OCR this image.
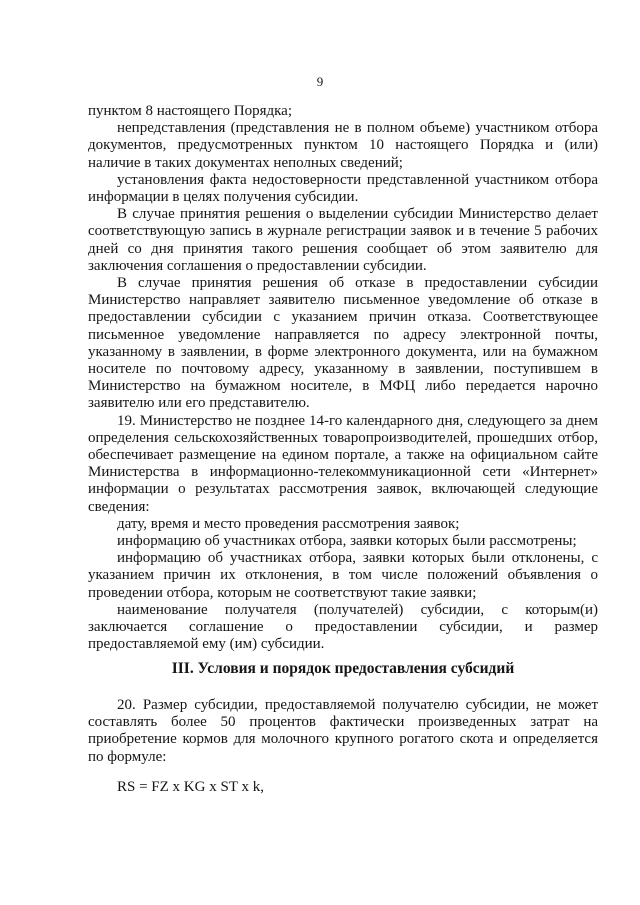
9

пунктом 8 настоящего Порядка;

непредставления (представления не в полном объеме) участником отбора документов, предусмотренных пунктом 10 настоящего Порядка и (или) наличие в таких документах неполных сведений;

установления факта недостоверности представленной участником отбора информации в целях получения субсидии.

В случае принятия решения о выделении субсидии Министерство делает соответствующую запись в журнале регистрации заявок и в течение 5 рабочих дней со дня принятия такого решения сообщает об этом заявителю для заключения соглашения о предоставлении субсидии.

В случае принятия решения об отказе в предоставлении субсидии Министерство направляет заявителю письменное уведомление об отказе в предоставлении субсидии с указанием причин отказа. Соответствующее письменное уведомление направляется по адресу электронной почты, указанному в заявлении, в форме электронного документа, или на бумажном носителе по почтовому адресу, указанному в заявлении, поступившем в Министерство на бумажном носителе, в МФЦ либо передается нарочно заявителю или его представителю.

19. Министерство не позднее 14-го календарного дня, следующего за днем определения сельскохозяйственных товаропроизводителей, прошедших отбор, обеспечивает размещение на едином портале, а также на официальном сайте Министерства в информационно-телекоммуникационной сети «Интернет» информации о результатах рассмотрения заявок, включающей следующие сведения:

дату, время и место проведения рассмотрения заявок;

информацию об участниках отбора, заявки которых были рассмотрены;

информацию об участниках отбора, заявки которых были отклонены, с указанием причин их отклонения, в том числе положений объявления о проведении отбора, которым не соответствуют такие заявки;

наименование получателя (получателей) субсидии, с которым(и) заключается соглашение о предоставлении субсидии, и размер предоставляемой ему (им) субсидии.

III. Условия и порядок предоставления субсидий

20. Размер субсидии, предоставляемой получателю субсидии, не может составлять более 50 процентов фактически произведенных затрат на приобретение кормов для молочного крупного рогатого скота и определяется по формуле:

RS = FZ x KG x ST x k,
